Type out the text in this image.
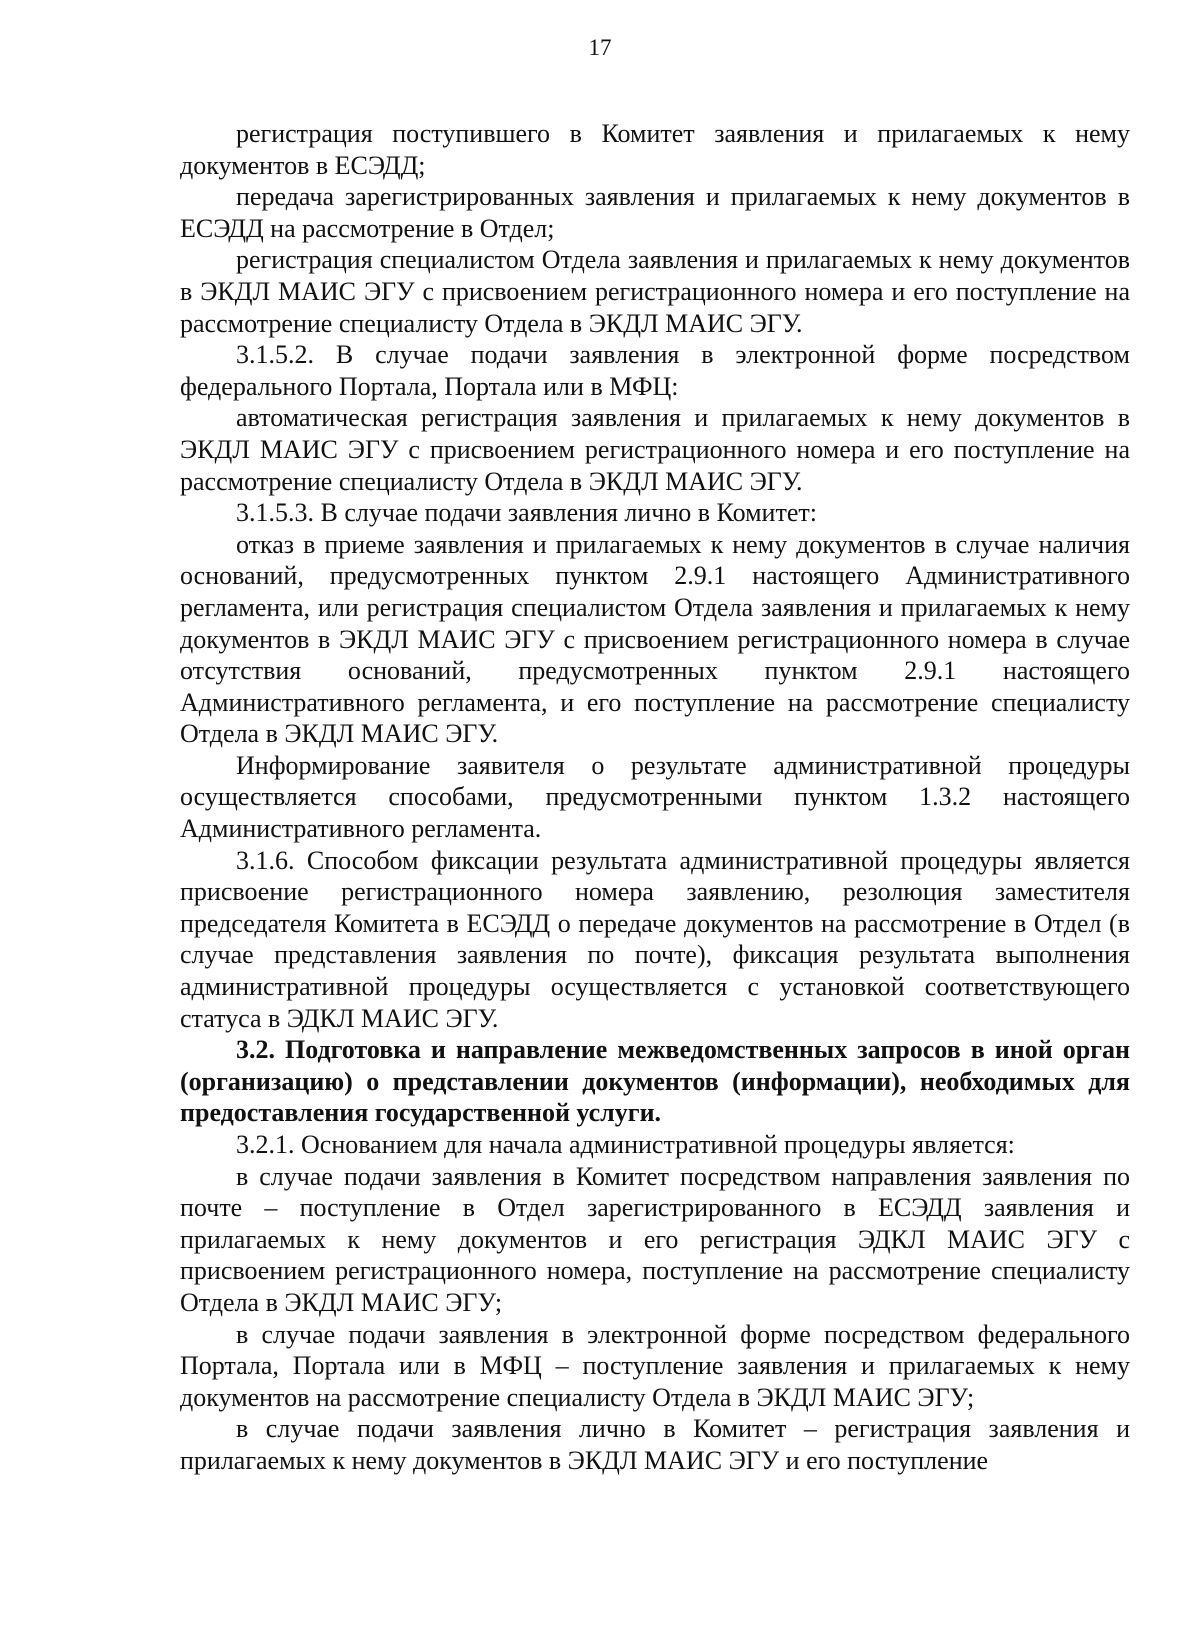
17

регистрация поступившего в Комитет заявления и прилагаемых к нему документов в ЕСЭДД;

передача зарегистрированных заявления и прилагаемых к нему документов в ЕСЭДД на рассмотрение в Отдел;

регистрация специалистом Отдела заявления и прилагаемых к нему документов в ЭКДЛ МАИС ЭГУ с присвоением регистрационного номера и его поступление на рассмотрение специалисту Отдела в ЭКДЛ МАИС ЭГУ.

3.1.5.2. В случае подачи заявления в электронной форме посредством федерального Портала, Портала или в МФЦ:

автоматическая регистрация заявления и прилагаемых к нему документов в ЭКДЛ МАИС ЭГУ с присвоением регистрационного номера и его поступление на рассмотрение специалисту Отдела в ЭКДЛ МАИС ЭГУ.

3.1.5.3. В случае подачи заявления лично в Комитет:

отказ в приеме заявления и прилагаемых к нему документов в случае наличия оснований, предусмотренных пунктом 2.9.1 настоящего Административного регламента, или регистрация специалистом Отдела заявления и прилагаемых к нему документов в ЭКДЛ МАИС ЭГУ с присвоением регистрационного номера в случае отсутствия оснований, предусмотренных пунктом 2.9.1 настоящего Административного регламента, и его поступление на рассмотрение специалисту Отдела в ЭКДЛ МАИС ЭГУ.

Информирование заявителя о результате административной процедуры осуществляется способами, предусмотренными пунктом 1.3.2 настоящего Административного регламента.

3.1.6. Способом фиксации результата административной процедуры является присвоение регистрационного номера заявлению, резолюция заместителя председателя Комитета в ЕСЭДД о передаче документов на рассмотрение в Отдел (в случае представления заявления по почте), фиксация результата выполнения административной процедуры осуществляется с установкой соответствующего статуса в ЭДКЛ МАИС ЭГУ.

3.2. Подготовка и направление межведомственных запросов в иной орган (организацию) о представлении документов (информации), необходимых для предоставления государственной услуги.

3.2.1. Основанием для начала административной процедуры является:

в случае подачи заявления в Комитет посредством направления заявления по почте – поступление в Отдел зарегистрированного в ЕСЭДД заявления и прилагаемых к нему документов и его регистрация ЭДКЛ МАИС ЭГУ с присвоением регистрационного номера, поступление на рассмотрение специалисту Отдела в ЭКДЛ МАИС ЭГУ;

в случае подачи заявления в электронной форме посредством федерального Портала, Портала или в МФЦ – поступление заявления и прилагаемых к нему документов на рассмотрение специалисту Отдела в ЭКДЛ МАИС ЭГУ;

в случае подачи заявления лично в Комитет – регистрация заявления и прилагаемых к нему документов в ЭКДЛ МАИС ЭГУ и его поступление
